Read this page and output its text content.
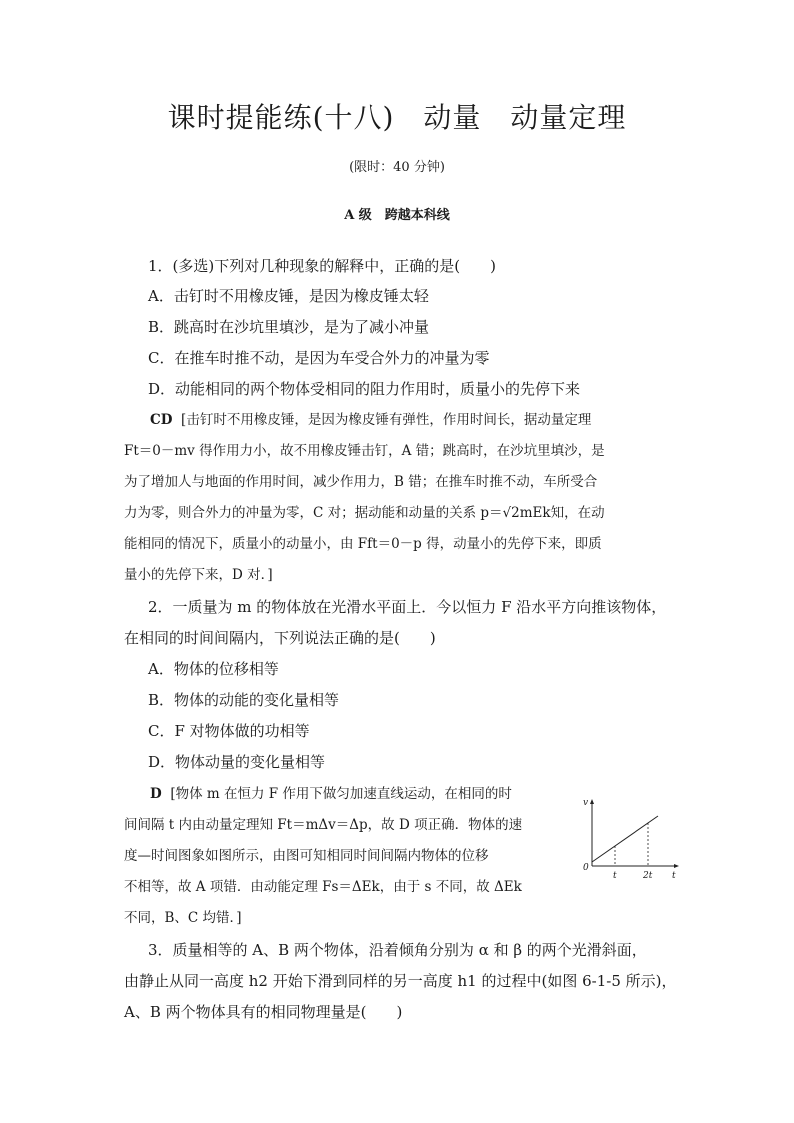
课时提能练(十八)　动量　动量定理
(限时：40 分钟)
A 级　跨越本科线
1．(多选)下列对几种现象的解释中，正确的是(　　)
A．击钉时不用橡皮锤，是因为橡皮锤太轻
B．跳高时在沙坑里填沙，是为了减小冲量
C．在推车时推不动，是因为车受合外力的冲量为零
D．动能相同的两个物体受相同的阻力作用时，质量小的先停下来
CD [击钉时不用橡皮锤，是因为橡皮锤有弹性，作用时间长，据动量定理
Ft＝0－mv 得作用力小，故不用橡皮锤击钉，A 错；跳高时，在沙坑里填沙，是
为了增加人与地面的作用时间，减少作用力，B 错；在推车时推不动，车所受合
力为零，则合外力的冲量为零，C 对；据动能和动量的关系 p＝√2mEk知，在动
能相同的情况下，质量小的动量小，由 Fft＝0－p 得，动量小的先停下来，即质
量小的先停下来，D 对．]
2．一质量为 m 的物体放在光滑水平面上．今以恒力 F 沿水平方向推该物体，
在相同的时间间隔内，下列说法正确的是(　　)
A．物体的位移相等
B．物体的动能的变化量相等
C．F 对物体做的功相等
D．物体动量的变化量相等
D [物体 m 在恒力 F 作用下做匀加速直线运动，在相同的时
间间隔 t 内由动量定理知 Ft＝mΔv＝Δp，故 D 项正确．物体的速
度—时间图象如图所示，由图可知相同时间间隔内物体的位移
不相等，故 A 项错．由动能定理 Fs＝ΔEk，由于 s 不同，故 ΔEk
不同，B、C 均错．]
v
0
t	2t t
3．质量相等的 A、B 两个物体，沿着倾角分别为 α 和 β 的两个光滑斜面，
由静止从同一高度 h2 开始下滑到同样的另一高度 h1 的过程中(如图 6-1-5 所示)，
A、B 两个物体具有的相同物理量是(　　)
